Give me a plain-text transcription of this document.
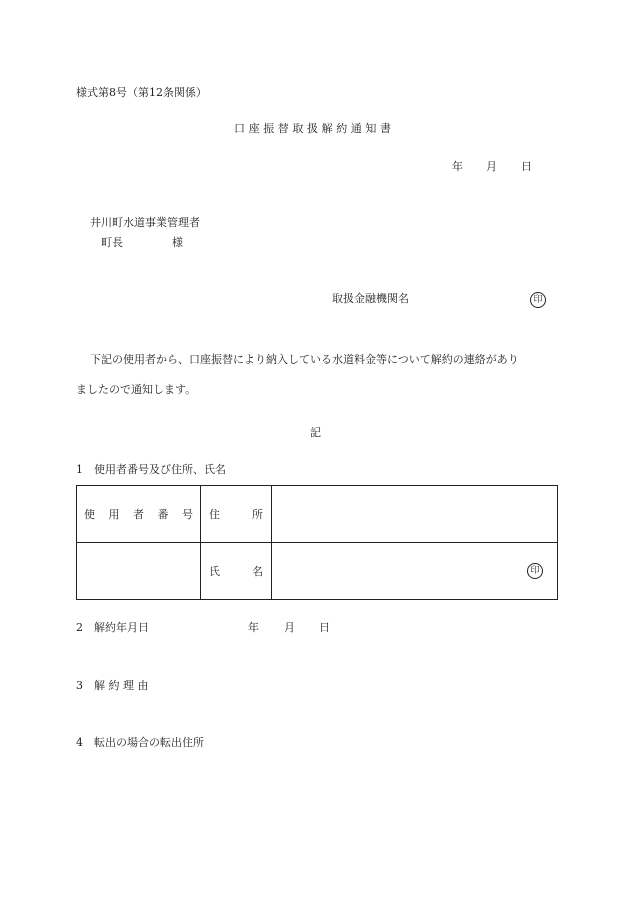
様式第8号（第12条関係）
口座振替取扱解約通知書
年 月 日
井川町水道事業管理者
町長	様
取扱金融機関名	印
下記の使用者から、口座振替により納入している水道料金等について解約の連絡があり
ましたので通知します。
記
1　使用者番号及び住所、氏名
使 用 者 番 号	住 所	

	氏 名	印
2　解約年月日	年 月 日
3　解 約 理 由
4　転出の場合の転出住所
